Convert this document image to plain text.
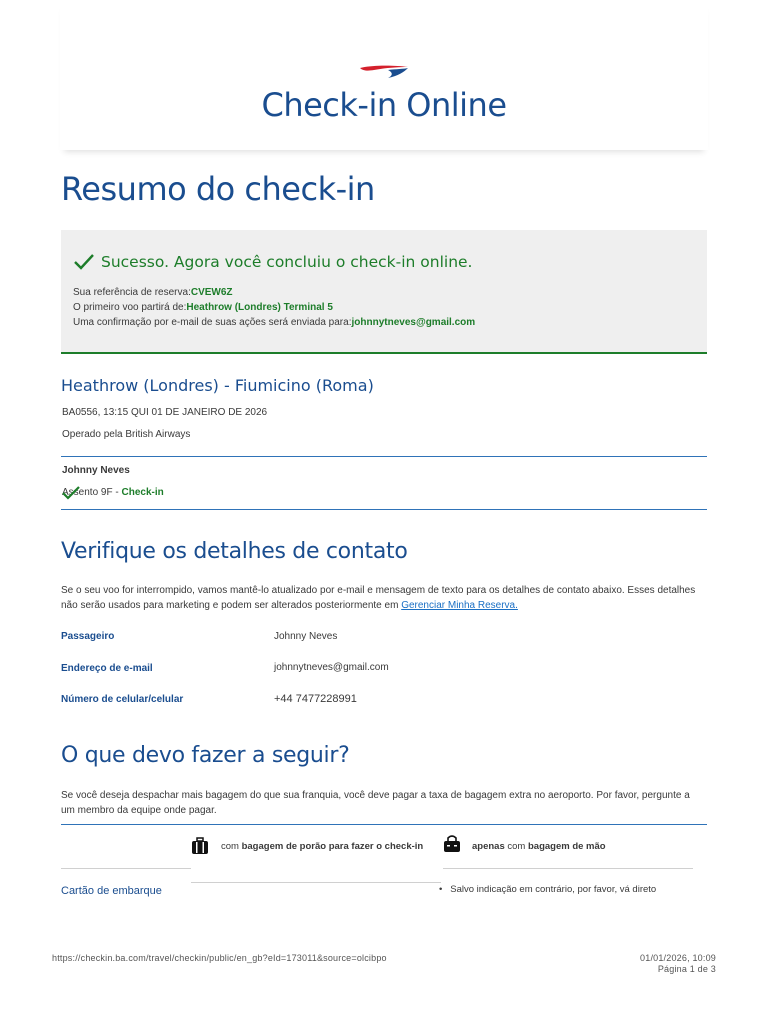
Check-in Online
Resumo do check-in
Sucesso. Agora você concluiu o check-in online.
Sua referência de reserva:CVEW6Z
O primeiro voo partirá de:Heathrow (Londres) Terminal 5
Uma confirmação por e-mail de suas ações será enviada para:johnnytneves@gmail.com
Heathrow (Londres) - Fiumicino (Roma)
BA0556, 13:15 QUI 01 DE JANEIRO DE 2026
Operado pela British Airways
Johnny Neves
Assento 9F - Check-in
Verifique os detalhes de contato
Se o seu voo for interrompido, vamos mantê-lo atualizado por e-mail e mensagem de texto para os detalhes de contato abaixo. Esses detalhes não serão usados para marketing e podem ser alterados posteriormente em Gerenciar Minha Reserva.
Passageiro	Johnny Neves
Endereço de e-mail	johnnytneves@gmail.com
Número de celular/celular	+44 7477228991
O que devo fazer a seguir?
Se você deseja despachar mais bagagem do que sua franquia, você deve pagar a taxa de bagagem extra no aeroporto. Por favor, pergunte a um membro da equipe onde pagar.
com bagagem de porão para fazer o check-in	apenas com bagagem de mão
Cartão de embarque	•   Salvo indicação em contrário, por favor, vá direto
https://checkin.ba.com/travel/checkin/public/en_gb?eId=173011&source=olcibpo	01/01/2026, 10:09
Página 1 de 3
